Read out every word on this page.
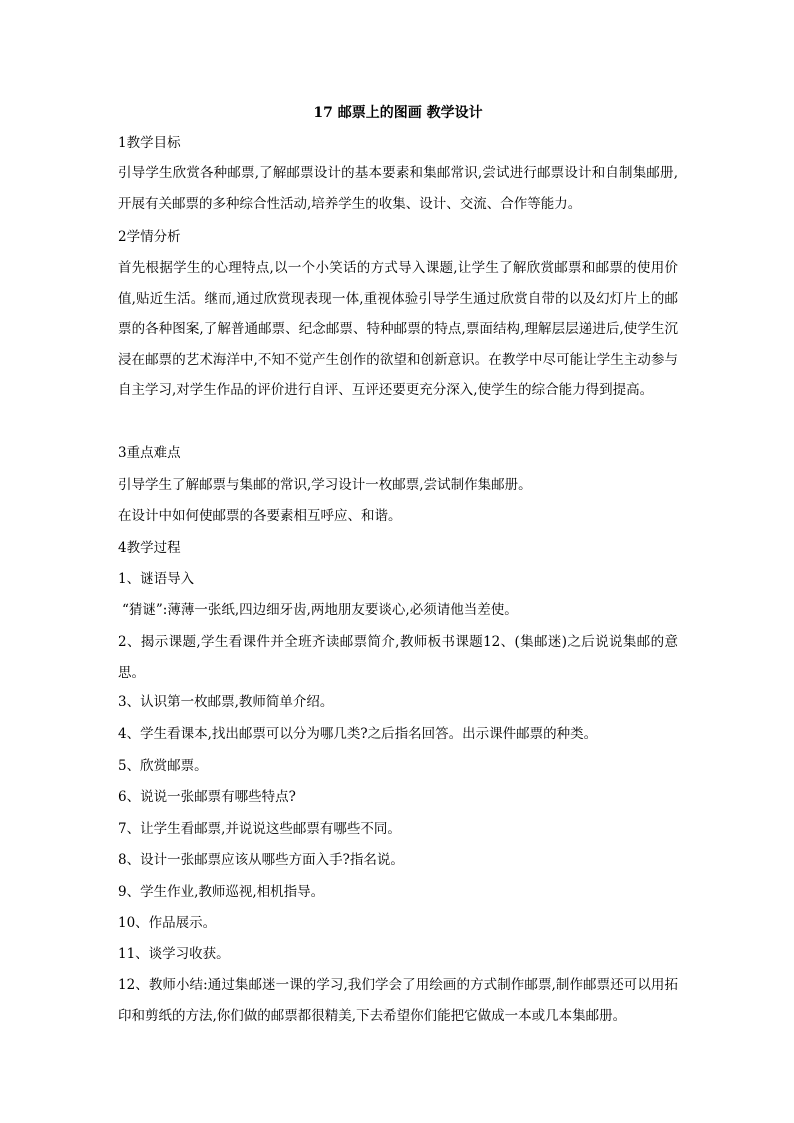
17 邮票上的图画 教学设计
1教学目标
引导学生欣赏各种邮票,了解邮票设计的基本要素和集邮常识,尝试进行邮票设计和自制集邮册,开展有关邮票的多种综合性活动,培养学生的收集、设计、交流、合作等能力。
2学情分析
首先根据学生的心理特点,以一个小笑话的方式导入课题,让学生了解欣赏邮票和邮票的使用价值,贴近生活。继而,通过欣赏现表现一体,重视体验引导学生通过欣赏自带的以及幻灯片上的邮票的各种图案,了解普通邮票、纪念邮票、特种邮票的特点,票面结构,理解层层递进后,使学生沉浸在邮票的艺术海洋中,不知不觉产生创作的欲望和创新意识。在教学中尽可能让学生主动参与自主学习,对学生作品的评价进行自评、互评还要更充分深入,使学生的综合能力得到提高。
3重点难点
引导学生了解邮票与集邮的常识,学习设计一枚邮票,尝试制作集邮册。
在设计中如何使邮票的各要素相互呼应、和谐。
4教学过程
1、谜语导入
“猜谜”:薄薄一张纸,四边细牙齿,两地朋友要谈心,必须请他当差使。
2、揭示课题,学生看课件并全班齐读邮票简介,教师板书课题12、(集邮迷)之后说说集邮的意思。
3、认识第一枚邮票,教师简单介绍。
4、学生看课本,找出邮票可以分为哪几类?之后指名回答。出示课件邮票的种类。
5、欣赏邮票。
6、说说一张邮票有哪些特点?
7、让学生看邮票,并说说这些邮票有哪些不同。
8、设计一张邮票应该从哪些方面入手?指名说。
9、学生作业,教师巡视,相机指导。
10、作品展示。
11、谈学习收获。
12、教师小结:通过集邮迷一课的学习,我们学会了用绘画的方式制作邮票,制作邮票还可以用拓印和剪纸的方法,你们做的邮票都很精美,下去希望你们能把它做成一本或几本集邮册。
